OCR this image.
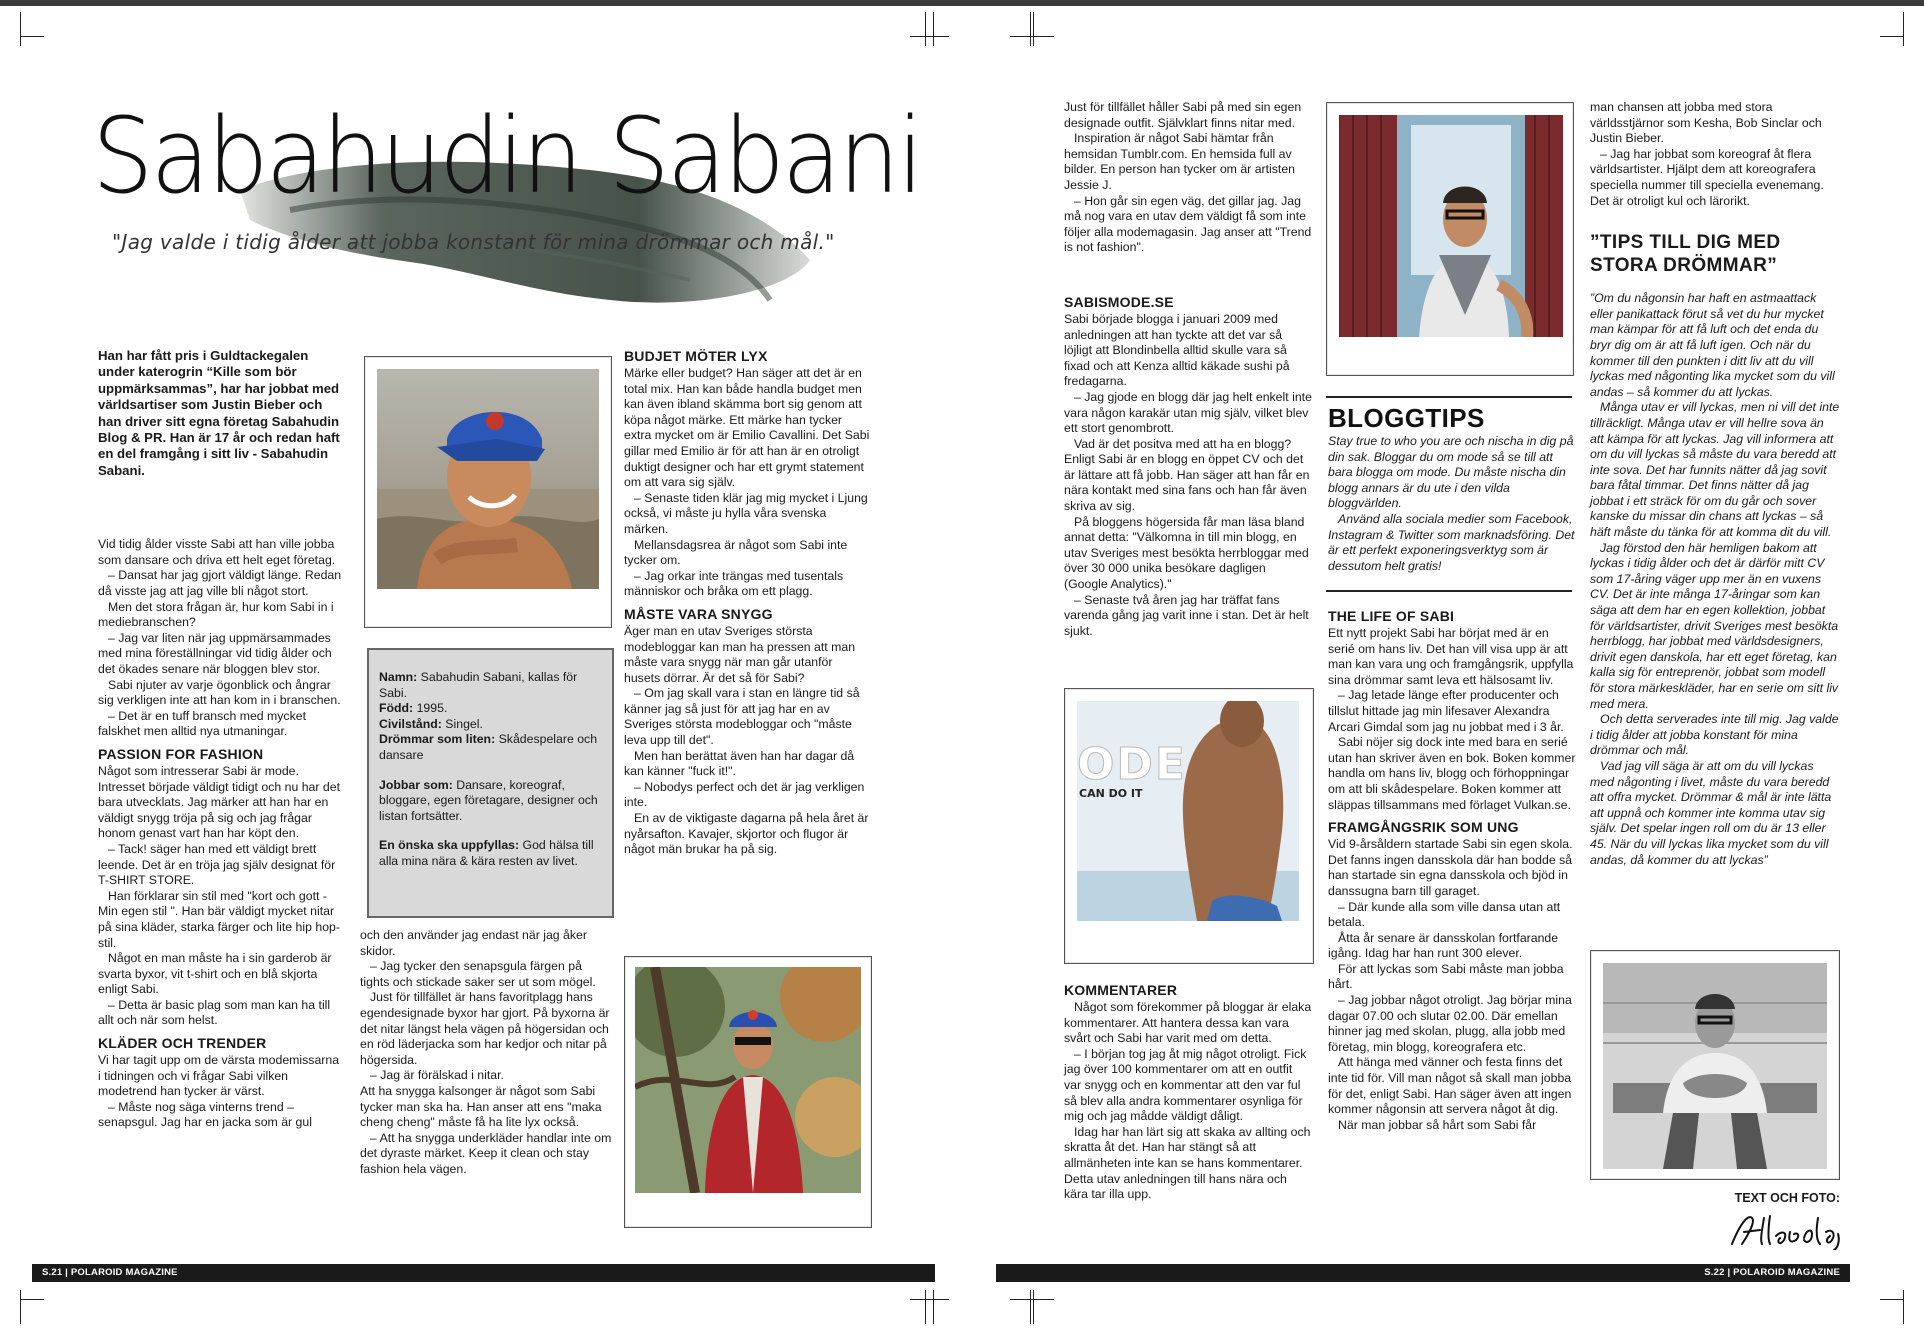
Sabahudin Sabani
"Jag valde i tidig ålder att jobba konstant för mina drömmar och mål."

Han har fått pris i Guldtackegalen under katerogrin “Kille som bör uppmärksammas”, har har jobbat med världsartiser som Justin Bieber och han driver sitt egna företag Sabahudin Blog & PR. Han är 17 år och redan haft en del framgång i sitt liv - Sabahudin Sabani.

Vid tidig ålder visste Sabi att han ville jobba som dansare och driva ett helt eget företag.

– Dansat har jag gjort väldigt länge. Redan då visste jag att jag ville bli något stort.

Men det stora frågan är, hur kom Sabi in i mediebranschen?

– Jag var liten när jag uppmärsammades med mina föreställningar vid tidig ålder och det ökades senare när bloggen blev stor.

Sabi njuter av varje ögonblick och ångrar sig verkligen inte att han kom in i branschen.

– Det är en tuff bransch med mycket falskhet men alltid nya utmaningar.

PASSION FOR FASHION

Något som intresserar Sabi är mode. Intresset började väldigt tidigt och nu har det bara utvecklats. Jag märker att han har en väldigt snygg tröja på sig och jag frågar honom genast vart han har köpt den.

– Tack! säger han med ett väldigt brett leende. Det är en tröja jag själv designat för T-SHIRT STORE.

Han förklarar sin stil med "kort och gott - Min egen stil ". Han bär väldigt mycket nitar på sina kläder, starka färger och lite hip hop-stil.

Något en man måste ha i sin garderob är svarta byxor, vit t-shirt och en blå skjorta enligt Sabi.

– Detta är basic plag som man kan ha till allt och när som helst.

KLÄDER OCH TRENDER

Vi har tagit upp om de värsta modemissarna i tidningen och vi frågar Sabi vilken modetrend han tycker är värst.

– Måste nog säga vinterns trend – senapsgul. Jag har en jacka som är gul

Namn: Sabahudin Sabani, kallas för Sabi.
Född: 1995.
Civilstånd: Singel.
Drömmar som liten: Skådespelare och dansare
Jobbar som: Dansare, koreograf, bloggare, egen företagare, designer och listan fortsätter.
En önska ska uppfyllas: God hälsa till alla mina nära & kära resten av livet.

och den använder jag endast när jag åker skidor.

– Jag tycker den senapsgula färgen på tights och stickade saker ser ut som mögel.

Just för tillfället är hans favoritplagg hans egendesignade byxor har gjort. På byxorna är det nitar längst hela vägen på högersidan och en röd läderjacka som har kedjor och nitar på högersida.

– Jag är förälskad i nitar.

Att ha snygga kalsonger är något som Sabi tycker man ska ha. Han anser att ens "maka cheng cheng" måste få ha lite lyx också.

– Att ha snygga underkläder handlar inte om det dyraste märket. Keep it clean och stay fashion hela vägen.

BUDJET MÖTER LYX

Märke eller budget? Han säger att det är en total mix. Han kan både handla budget men kan även ibland skämma bort sig genom att köpa något märke. Ett märke han tycker extra mycket om är Emilio Cavallini. Det Sabi gillar med Emilio är för att han är en otroligt duktigt designer och har ett grymt statement om att vara sig själv.

– Senaste tiden klär jag mig mycket i Ljung också, vi måste ju hylla våra svenska märken.

Mellansdagsrea är något som Sabi inte tycker om.

– Jag orkar inte trängas med tusentals människor och bråka om ett plagg.

MÅSTE VARA SNYGG

Äger man en utav Sveriges största modebloggar kan man ha pressen att man måste vara snygg när man går utanför husets dörrar. Är det så för Sabi?

– Om jag skall vara i stan en längre tid så känner jag så just för att jag har en av Sveriges största modebloggar och "måste leva upp till det".

Men han berättat även han har dagar då kan känner "fuck it!".

– Nobodys perfect och det är jag verkligen inte.

En av de viktigaste dagarna på hela året är nyårsafton. Kavajer, skjortor och flugor är något män brukar ha på sig.

S.21 | POLAROID MAGAZINE

Just för tillfället håller Sabi på med sin egen designade outfit. Självklart finns nitar med.

Inspiration är något Sabi hämtar från hemsidan Tumblr.com. En hemsida full av bilder. En person han tycker om är artisten Jessie J.

– Hon går sin egen väg, det gillar jag. Jag må nog vara en utav dem väldigt få som inte följer alla modemagasin. Jag anser att "Trend is not fashion".

SABISMODE.SE

Sabi började blogga i januari 2009 med anledningen att han tyckte att det var så löjligt att Blondinbella alltid skulle vara så fixad och att Kenza alltid käkade sushi på fredagarna.

– Jag gjode en blogg där jag helt enkelt inte vara någon karakär utan mig själv, vilket blev ett stort genombrott.

Vad är det positva med att ha en blogg? Enligt Sabi är en blogg en öppet CV och det är lättare att få jobb. Han säger att han får en nära kontakt med sina fans och han får även skriva av sig.

På bloggens högersida får man läsa bland annat detta: "Välkomna in till min blogg, en utav Sveriges mest besökta herrbloggar med över 30 000 unika besökare dagligen (Google Analytics)."

– Senaste två åren jag har träffat fans varenda gång jag varit inne i stan. Det är helt sjukt.

ODE
CAN DO IT
KOMMENTARER

Något som förekommer på bloggar är elaka kommentarer. Att hantera dessa kan vara svårt och Sabi har varit med om detta.

– I början tog jag åt mig något otroligt. Fick jag över 100 kommentarer om att en outfit var snygg och en kommentar att den var ful så blev alla andra kommentarer osynliga för mig och jag mådde väldigt dåligt.

Idag har han lärt sig att skaka av allting och skratta åt det. Han har stängt så att allmänheten inte kan se hans kommentarer. Detta utav anledningen till hans nära och kära tar illa upp.

BLOGGTIPS

Stay true to who you are och nischa in dig på din sak. Bloggar du om mode så se till att bara blogga om mode. Du måste nischa din blogg annars är du ute i den vilda bloggvärlden.

Använd alla sociala medier som Facebook, Instagram & Twitter som marknadsföring. Det är ett perfekt exponeringsverktyg som är dessutom helt gratis!

THE LIFE OF SABI

Ett nytt projekt Sabi har börjat med är en serié om hans liv. Det han vill visa upp är att man kan vara ung och framgångsrik, uppfylla sina drömmar samt leva ett hälsosamt liv.

– Jag letade länge efter producenter och tillslut hittade jag min lifesaver Alexandra Arcari Gimdal som jag nu jobbat med i 3 år.

Sabi nöjer sig dock inte med bara en serié utan han skriver även en bok. Boken kommer handla om hans liv, blogg och förhoppningar om att bli skådespelare. Boken kommer att släppas tillsammans med förlaget Vulkan.se.

FRAMGÅNGSRIK SOM UNG

Vid 9-årsåldern startade Sabi sin egen skola. Det fanns ingen dansskola där han bodde så han startade sin egna dansskola och bjöd in danssugna barn till garaget.

– Där kunde alla som ville dansa utan att betala.

Åtta år senare är dansskolan fortfarande igång. Idag har han runt 300 elever.

För att lyckas som Sabi måste man jobba hårt.

– Jag jobbar något otroligt. Jag börjar mina dagar 07.00 och slutar 02.00. Där emellan hinner jag med skolan, plugg, alla jobb med företag, min blogg, koreografera etc.

Att hänga med vänner och festa finns det inte tid för. Vill man något så skall man jobba för det, enligt Sabi. Han säger även att ingen kommer någonsin att servera något åt dig.

När man jobbar så hårt som Sabi får

man chansen att jobba med stora världsstjärnor som Kesha, Bob Sinclar och Justin Bieber.

– Jag har jobbat som koreograf åt flera världsartister. Hjälpt dem att koreografera speciella nummer till speciella evenemang. Det är otroligt kul och lärorikt.

”TIPS TILL DIG MED STORA DRÖMMAR”

”Om du någonsin har haft en astmaattack eller panikattack förut så vet du hur mycket man kämpar för att få luft och det enda du bryr dig om är att få luft igen. Och när du kommer till den punkten i ditt liv att du vill lyckas med någonting lika mycket som du vill andas – så kommer du att lyckas.

Många utav er vill lyckas, men ni vill det inte tillräckligt. Många utav er vill hellre sova än att kämpa för att lyckas. Jag vill informera att om du vill lyckas så måste du vara beredd att inte sova. Det har funnits nätter då jag sovit bara fåtal timmar. Det finns nätter då jag jobbat i ett sträck för om du går och sover kanske du missar din chans att lyckas – så häft måste du tänka för att komma dit du vill.

Jag förstod den här hemligen bakom att lyckas i tidig ålder och det är därför mitt CV som 17-åring väger upp mer än en vuxens CV. Det är inte många 17-åringar som kan säga att dem har en egen kollektion, jobbat för världsartister, drivit Sveriges mest besökta herrblogg, har jobbat med världsdesigners, drivit egen danskola, har ett eget företag, kan kalla sig för entreprenör, jobbat som modell för stora märkeskläder, har en serie om sitt liv med mera.

Och detta serverades inte till mig. Jag valde i tidig ålder att jobba konstant för mina drömmar och mål.

Vad jag vill säga är att om du vill lyckas med någonting i livet, måste du vara beredd att offra mycket. Drömmar & mål är inte lätta att uppnå och kommer inte komma utav sig själv. Det spelar ingen roll om du är 13 eller 45. När du vill lyckas lika mycket som du vill andas, då kommer du att lyckas”

TEXT OCH FOTO:
S.22 | POLAROID MAGAZINE
